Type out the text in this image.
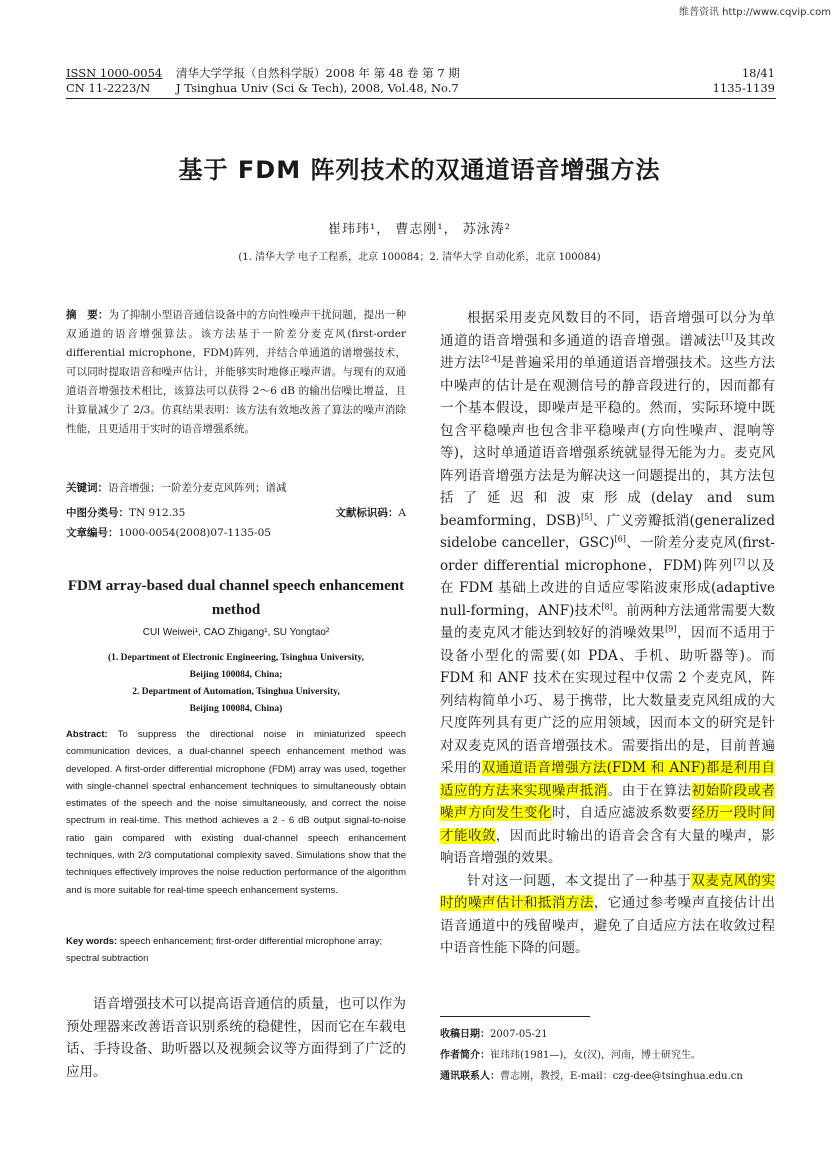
维普资讯 http://www.cqvip.com
ISSN 1000-0054
CN 11-2223/N
清华大学学报（自然科学版）2008 年 第 48 卷 第 7 期
J Tsinghua Univ (Sci & Tech), 2008, Vol.48, No.7
18/41
1135-1139
基于 FDM 阵列技术的双通道语音增强方法
崔玮玮¹， 曹志刚¹， 苏泳涛²
(1. 清华大学 电子工程系，北京 100084；2. 清华大学 自动化系，北京 100084)
摘　要：为了抑制小型语音通信设备中的方向性噪声干扰问题，提出一种双通道的语音增强算法。该方法基于一阶差分麦克风(first-order differential microphone，FDM)阵列，并结合单通道的谱增强技术，可以同时提取语音和噪声估计，并能够实时地修正噪声谱。与现有的双通道语音增强技术相比，该算法可以获得 2～6 dB 的输出信噪比增益，且计算量减少了 2/3。仿真结果表明：该方法有效地改善了算法的噪声消除性能，且更适用于实时的语音增强系统。
关键词：语音增强；一阶差分麦克风阵列；谱减
中图分类号：TN 912.35	文献标识码：A
文章编号：1000-0054(2008)07-1135-05
FDM array-based dual channel speech enhancement method
CUI Weiwei¹, CAO Zhigang¹, SU Yongtao²
(1. Department of Electronic Engineering, Tsinghua University,
Beijing 100084, China;
2. Department of Automation, Tsinghua University,
Beijing 100084, China)
Abstract: To suppress the directional noise in miniaturized speech communication devices, a dual-channel speech enhancement method was developed. A first-order differential microphone (FDM) array was used, together with single-channel spectral enhancement techniques to simultaneously obtain estimates of the speech and the noise simultaneously, and correct the noise spectrum in real-time. This method achieves a 2 - 6 dB output signal-to-noise ratio gain compared with existing dual-channel speech enhancement techniques, with 2/3 computational complexity saved. Simulations show that the techniques effectively improves the noise reduction performance of the algorithm and is more suitable for real-time speech enhancement systems.
Key words: speech enhancement; first-order differential microphone array; spectral subtraction

语音增强技术可以提高语音通信的质量，也可以作为预处理器来改善语音识别系统的稳健性，因而它在车载电话、手持设备、助听器以及视频会议等方面得到了广泛的应用。

根据采用麦克风数目的不同，语音增强可以分为单通道的语音增强和多通道的语音增强。谱减法[1]及其改进方法[2-4]是普遍采用的单通道语音增强技术。这些方法中噪声的估计是在观测信号的静音段进行的，因而都有一个基本假设，即噪声是平稳的。然而，实际环境中既包含平稳噪声也包含非平稳噪声(方向性噪声、混响等等)，这时单通道语音增强系统就显得无能为力。麦克风阵列语音增强方法是为解决这一问题提出的，其方法包括了延迟和波束形成(delay and sum beamforming，DSB)[5]、广义旁瓣抵消(generalized sidelobe canceller，GSC)[6]、一阶差分麦克风(first-order differential microphone，FDM)阵列[7]以及在 FDM 基础上改进的自适应零陷波束形成(adaptive null-forming，ANF)技术[8]。前两种方法通常需要大数量的麦克风才能达到较好的消噪效果[9]，因而不适用于设备小型化的需要(如 PDA、手机、助听器等)。而 FDM 和 ANF 技术在实现过程中仅需 2 个麦克风，阵列结构简单小巧、易于携带，比大数量麦克风组成的大尺度阵列具有更广泛的应用领域，因而本文的研究是针对双麦克风的语音增强技术。需要指出的是，目前普遍采用的双通道语音增强方法(FDM 和 ANF)都是利用自适应的方法来实现噪声抵消。由于在算法初始阶段或者噪声方向发生变化时，自适应滤波系数要经历一段时间才能收敛，因而此时输出的语音会含有大量的噪声，影响语音增强的效果。

针对这一问题，本文提出了一种基于双麦克风的实时的噪声估计和抵消方法，它通过参考噪声直接估计出语音通道中的残留噪声，避免了自适应方法在收敛过程中语音性能下降的问题。

收稿日期：2007-05-21
作者简介：崔玮玮(1981—)，女(汉)，河南，博士研究生。
通讯联系人：曹志刚，教授，E-mail：czg-dee@tsinghua.edu.cn
